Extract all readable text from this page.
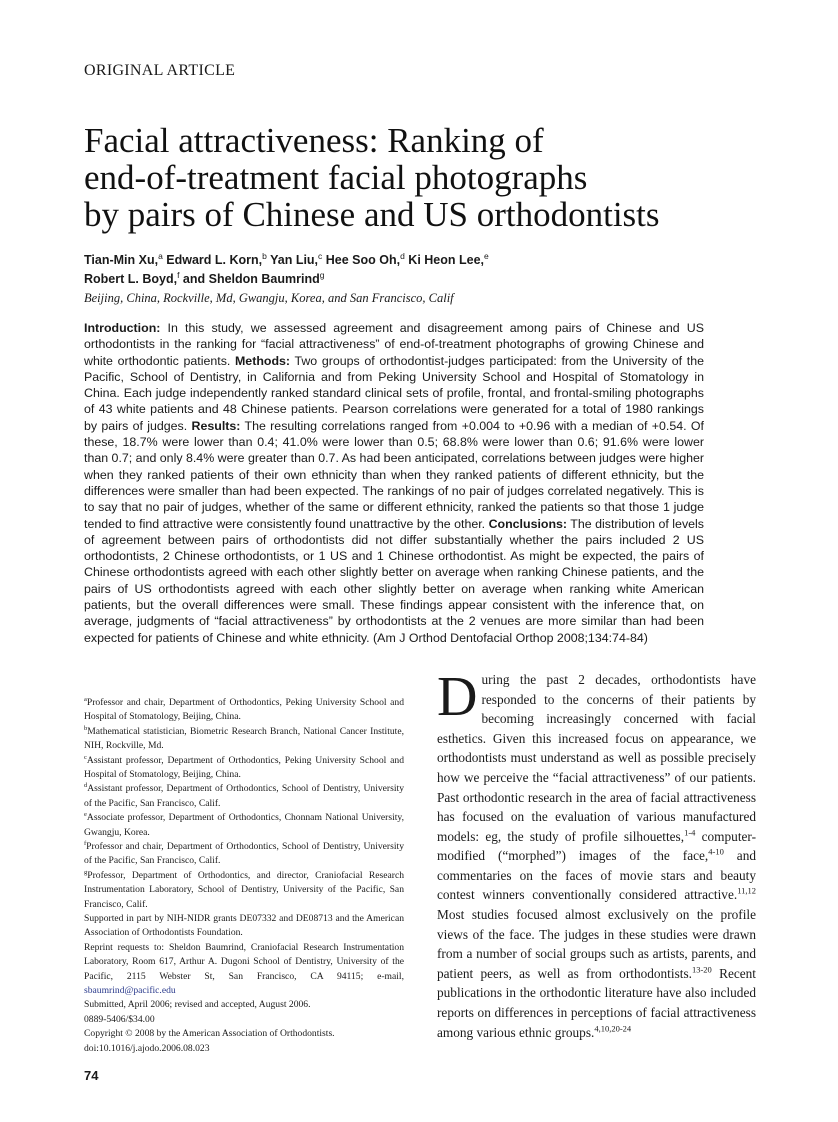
ORIGINAL ARTICLE
Facial attractiveness: Ranking of
end-of-treatment facial photographs
by pairs of Chinese and US orthodontists
Tian-Min Xu,$^a$ Edward L. Korn,$^b$ Yan Liu,$^c$ Hee Soo Oh,$^d$ Ki Heon Lee,$^e$
Robert L. Boyd,$^f$ and Sheldon Baumrind$^g$
Beijing, China, Rockville, Md, Gwangju, Korea, and San Francisco, Calif
Introduction: In this study, we assessed agreement and disagreement among pairs of Chinese and US orthodontists in the ranking for “facial attractiveness” of end-of-treatment photographs of growing Chinese and white orthodontic patients. Methods: Two groups of orthodontist-judges participated: from the University of the Pacific, School of Dentistry, in California and from Peking University School and Hospital of Stomatology in China. Each judge independently ranked standard clinical sets of profile, frontal, and frontal-smiling photographs of 43 white patients and 48 Chinese patients. Pearson correlations were generated for a total of 1980 rankings by pairs of judges. Results: The resulting correlations ranged from +0.004 to +0.96 with a median of +0.54. Of these, 18.7% were lower than 0.4; 41.0% were lower than 0.5; 68.8% were lower than 0.6; 91.6% were lower than 0.7; and only 8.4% were greater than 0.7. As had been anticipated, correlations between judges were higher when they ranked patients of their own ethnicity than when they ranked patients of different ethnicity, but the differences were smaller than had been expected. The rankings of no pair of judges correlated negatively. This is to say that no pair of judges, whether of the same or different ethnicity, ranked the patients so that those 1 judge tended to find attractive were consistently found unattractive by the other. Conclusions: The distribution of levels of agreement between pairs of orthodontists did not differ substantially whether the pairs included 2 US orthodontists, 2 Chinese orthodontists, or 1 US and 1 Chinese orthodontist. As might be expected, the pairs of Chinese orthodontists agreed with each other slightly better on average when ranking Chinese patients, and the pairs of US orthodontists agreed with each other slightly better on average when ranking white American patients, but the overall differences were small. These findings appear consistent with the inference that, on average, judgments of “facial attractiveness” by orthodontists at the 2 venues are more similar than had been expected for patients of Chinese and white ethnicity. (Am J Orthod Dentofacial Orthop 2008;134:74-84)

$^a$Professor and chair, Department of Orthodontics, Peking University School and Hospital of Stomatology, Beijing, China.

$^b$Mathematical statistician, Biometric Research Branch, National Cancer Institute, NIH, Rockville, Md.

$^c$Assistant professor, Department of Orthodontics, Peking University School and Hospital of Stomatology, Beijing, China.

$^d$Assistant professor, Department of Orthodontics, School of Dentistry, University of the Pacific, San Francisco, Calif.

$^e$Associate professor, Department of Orthodontics, Chonnam National University, Gwangju, Korea.

$^f$Professor and chair, Department of Orthodontics, School of Dentistry, University of the Pacific, San Francisco, Calif.

$^g$Professor, Department of Orthodontics, and director, Craniofacial Research Instrumentation Laboratory, School of Dentistry, University of the Pacific, San Francisco, Calif.

Supported in part by NIH-NIDR grants DE07332 and DE08713 and the American Association of Orthodontists Foundation.

Reprint requests to: Sheldon Baumrind, Craniofacial Research Instrumentation Laboratory, Room 617, Arthur A. Dugoni School of Dentistry, University of the Pacific, 2115 Webster St, San Francisco, CA 94115; e-mail, sbaumrind@pacific.edu

Submitted, April 2006; revised and accepted, August 2006.

0889-5406/$34.00

Copyright © 2008 by the American Association of Orthodontists.

doi:10.1016/j.ajodo.2006.08.023

74
During the past 2 decades, orthodontists have responded to the concerns of their patients by becoming increasingly concerned with facial esthetics. Given this increased focus on appearance, we orthodontists must understand as well as possible precisely how we perceive the “facial attractiveness” of our patients. Past orthodontic research in the area of facial attractiveness has focused on the evaluation of various manufactured models: eg, the study of profile silhouettes,$^{1-4}$ computer-modified (“morphed”) images of the face,$^{4-10}$ and commentaries on the faces of movie stars and beauty contest winners conventionally considered attractive.$^{11,12}$ Most studies focused almost exclusively on the profile views of the face. The judges in these studies were drawn from a number of social groups such as artists, parents, and patient peers, as well as from orthodontists.$^{13-20}$ Recent publications in the orthodontic literature have also included reports on differences in perceptions of facial attractiveness among various ethnic groups.$^{4,10,20-24}$
